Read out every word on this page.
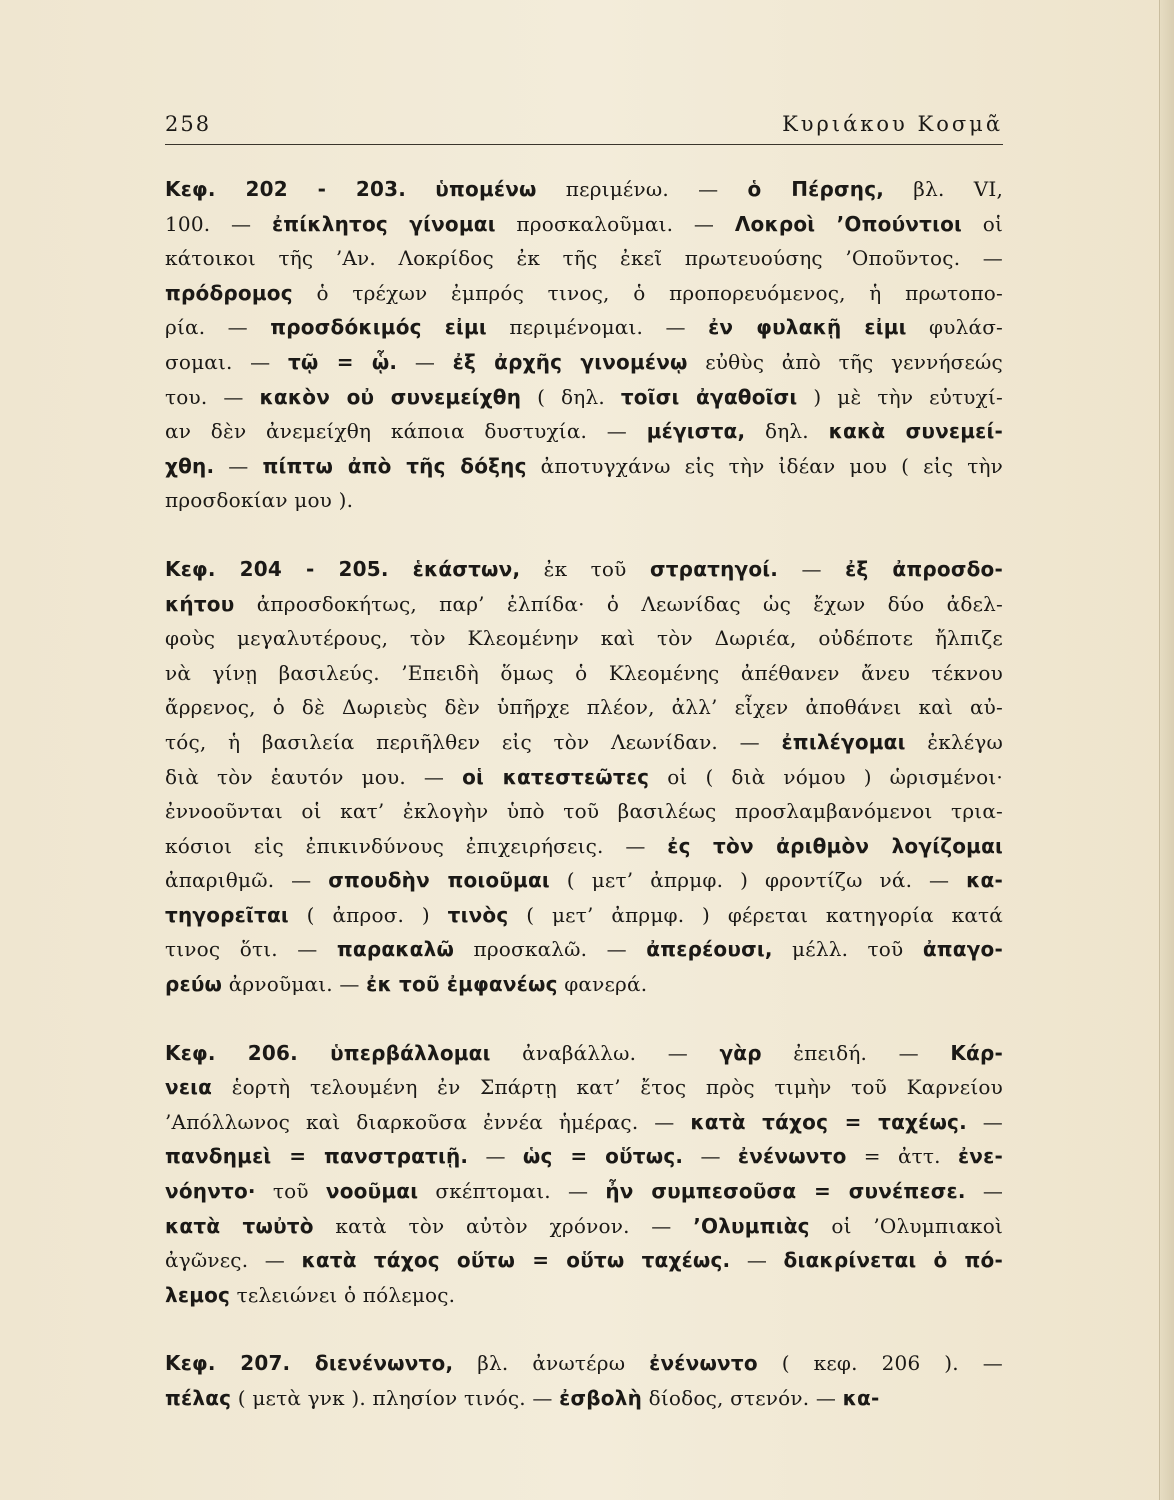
258	Κυριάκου Κοσμᾶ
Κεφ. 202 - 203. ὑπομένω περιμένω. — ὁ Πέρσης, βλ. VI,
100. — ἐπίκλητος γίνομαι προσκαλοῦμαι. — Λοκροὶ ’Οπούντιοι οἱ
κάτοικοι τῆς ’Αν. Λοκρίδος ἐκ τῆς ἐκεῖ πρωτευούσης ’Οποῦντος. —
πρόδρομος ὁ τρέχων ἐμπρός τινος, ὁ προπορευόμενος, ἡ πρωτοπο-
ρία. — προσδόκιμός εἰμι περιμένομαι. — ἐν φυλακῇ εἰμι φυλάσ-
σομαι. — τῷ = ᾧ. — ἐξ ἀρχῆς γινομένῳ εὐθὺς ἀπὸ τῆς γεννήσεώς
του. — κακὸν οὐ συνεμείχθη ( δηλ. τοῖσι ἀγαθοῖσι ) μὲ τὴν εὐτυχί-
αν δὲν ἀνεμείχθη κάποια δυστυχία. — μέγιστα, δηλ. κακὰ συνεμεί-
χθη. — πίπτω ἀπὸ τῆς δόξης ἀποτυγχάνω εἰς τὴν ἰδέαν μου ( εἰς τὴν
προσδοκίαν μου ).
Κεφ. 204 - 205. ἑκάστων, ἐκ τοῦ στρατηγοί. — ἐξ ἀπροσδο-
κήτου ἀπροσδοκήτως, παρ’ ἐλπίδα· ὁ Λεωνίδας ὡς ἔχων δύο ἀδελ-
φοὺς μεγαλυτέρους, τὸν Κλεομένην καὶ τὸν Δωριέα, οὐδέποτε ἤλπιζε
νὰ γίνῃ βασιλεύς. ’Επειδὴ ὅμως ὁ Κλεομένης ἀπέθανεν ἄνευ τέκνου
ἄρρενος, ὁ δὲ Δωριεὺς δὲν ὑπῆρχε πλέον, ἀλλ’ εἶχεν ἀποθάνει καὶ αὐ-
τός, ἡ βασιλεία περιῆλθεν εἰς τὸν Λεωνίδαν. — ἐπιλέγομαι ἐκλέγω
διὰ τὸν ἑαυτόν μου. — οἱ κατεστεῶτες οἱ ( διὰ νόμου ) ὡρισμένοι·
ἐννοοῦνται οἱ κατ’ ἐκλογὴν ὑπὸ τοῦ βασιλέως προσλαμβανόμενοι τρια-
κόσιοι εἰς ἐπικινδύνους ἐπιχειρήσεις. — ἐς τὸν ἀριθμὸν λογίζομαι
ἀπαριθμῶ. — σπουδὴν ποιοῦμαι ( μετ’ ἀπρμφ. ) φροντίζω νά. — κα-
τηγορεῖται ( ἀπροσ. ) τινὸς ( μετ’ ἀπρμφ. ) φέρεται κατηγορία κατά
τινος ὅτι. — παρακαλῶ προσκαλῶ. — ἀπερέουσι, μέλλ. τοῦ ἀπαγο-
ρεύω ἀρνοῦμαι. — ἐκ τοῦ ἐμφανέως φανερά.
Κεφ. 206. ὑπερβάλλομαι ἀναβάλλω. — γὰρ ἐπειδή. — Κάρ-
νεια ἑορτὴ τελουμένη ἐν Σπάρτῃ κατ’ ἔτος πρὸς τιμὴν τοῦ Καρνείου
’Απόλλωνος καὶ διαρκοῦσα ἐννέα ἡμέρας. — κατὰ τάχος = ταχέως. —
πανδημεὶ = πανστρατιῇ. — ὡς = οὕτως. — ἐνένωντο = ἀττ. ἐνε-
νόηντο· τοῦ νοοῦμαι σκέπτομαι. — ἦν συμπεσοῦσα = συνέπεσε. —
κατὰ τωὐτὸ κατὰ τὸν αὐτὸν χρόνον. — ’Ολυμπιὰς οἱ ’Ολυμπιακοὶ
ἀγῶνες. — κατὰ τάχος οὕτω = οὕτω ταχέως. — διακρίνεται ὁ πό-
λεμος τελειώνει ὁ πόλεμος.
Κεφ. 207. διενένωντο, βλ. ἀνωτέρω ἐνένωντο ( κεφ. 206 ). —
πέλας ( μετὰ γνκ ). πλησίον τινός. — ἐσβολὴ δίοδος, στενόν. — κα-
